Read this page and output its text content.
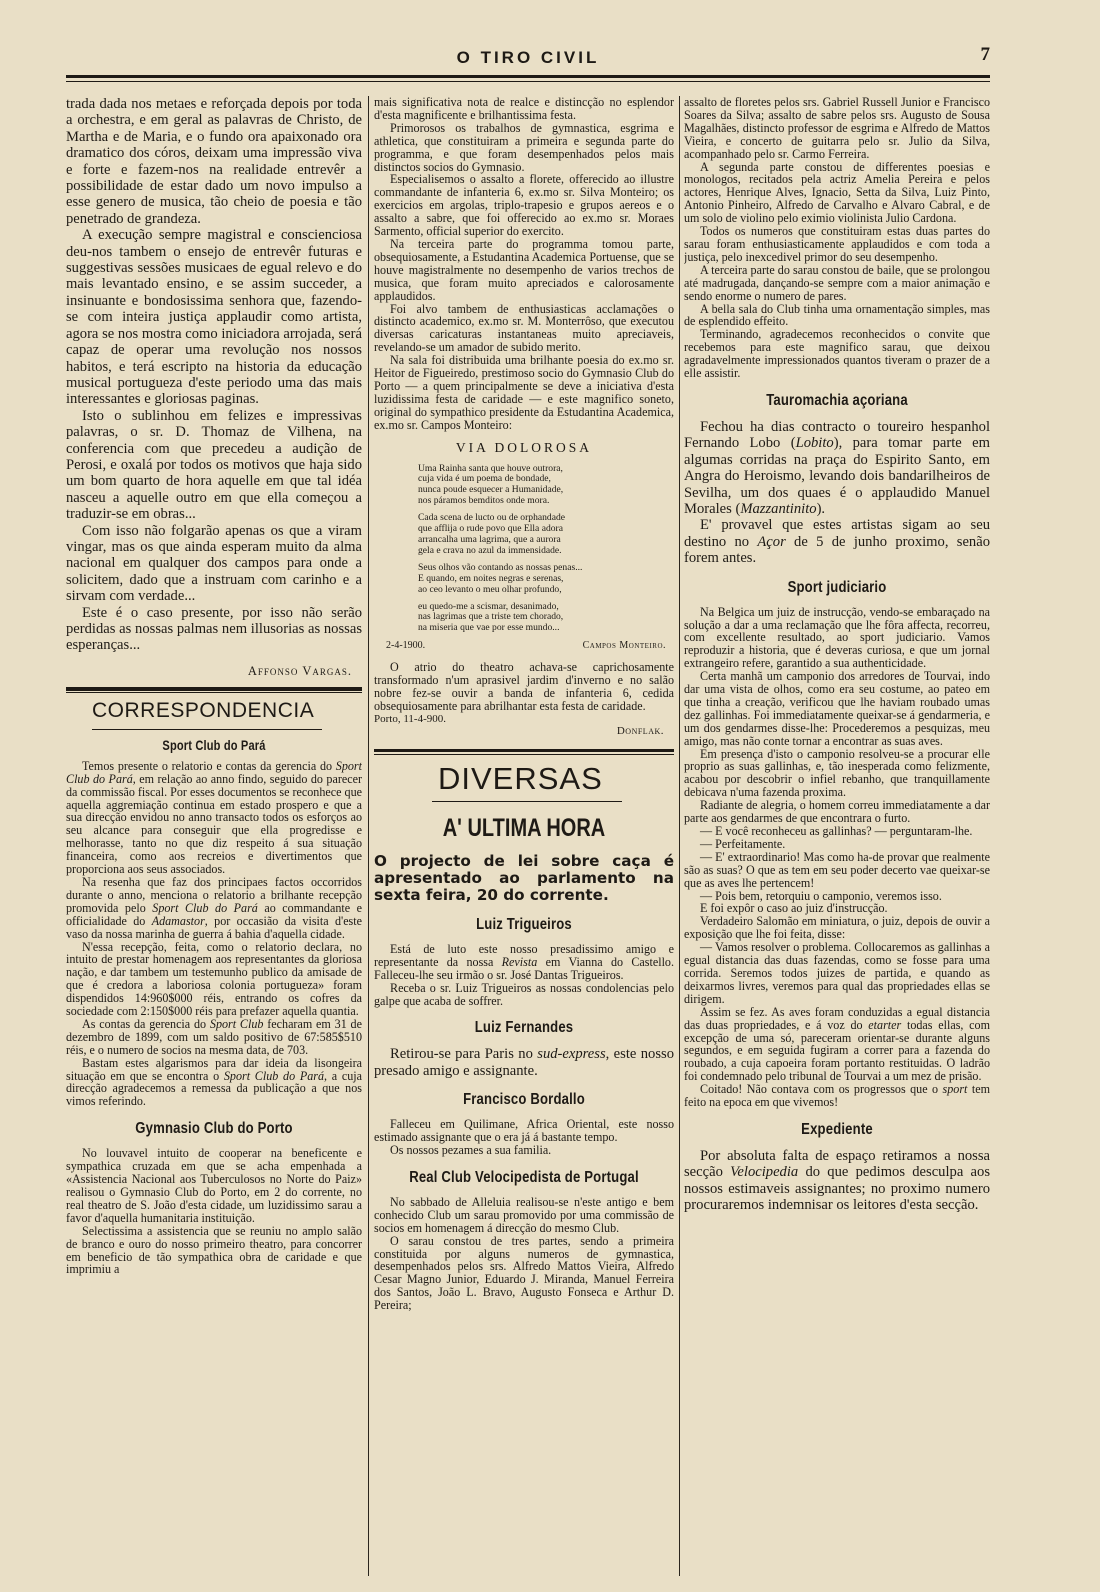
O TIRO CIVIL	7

trada dada nos metaes e reforçada depois por toda a orchestra, e em geral as palavras de Christo, de Martha e de Maria, e o fundo ora apaixonado ora dramatico dos córos, deixam uma impressão viva e forte e fazem-nos na realidade entrevêr a possibilidade de estar dado um novo impulso a esse genero de musica, tão cheio de poesia e tão penetrado de grandeza.

A execução sempre magistral e conscienciosa deu-nos tambem o ensejo de entrevêr futuras e suggestivas sessões musicaes de egual relevo e do mais levantado ensino, e se assim succeder, a insinuante e bondosissima senhora que, fazendo-se com inteira justiça applaudir como artista, agora se nos mostra como iniciadora arrojada, será capaz de operar uma revolução nos nossos habitos, e terá escripto na historia da educação musical portugueza d'este periodo uma das mais interessantes e gloriosas paginas.

Isto o sublinhou em felizes e impressivas palavras, o sr. D. Thomaz de Vilhena, na conferencia com que precedeu a audição de Perosi, e oxalá por todos os motivos que haja sido um bom quarto de hora aquelle em que tal idéa nasceu a aquelle outro em que ella começou a traduzir-se em obras...

Com isso não folgarão apenas os que a viram vingar, mas os que ainda esperam muito da alma nacional em qualquer dos campos para onde a solicitem, dado que a instruam com carinho e a sirvam com verdade...

Este é o caso presente, por isso não serão perdidas as nossas palmas nem illusorias as nossas esperanças...

Affonso Vargas.
CORRESPONDENCIA
Sport Club do Pará

Temos presente o relatorio e contas da gerencia do Sport Club do Pará, em relação ao anno findo, seguido do parecer da commissão fiscal. Por esses documentos se reconhece que aquella aggremiação continua em estado prospero e que a sua direcção envidou no anno transacto todos os esforços ao seu alcance para conseguir que ella progredisse e melhorasse, tanto no que diz respeito á sua situação financeira, como aos recreios e divertimentos que proporciona aos seus associados.

Na resenha que faz dos principaes factos occorridos durante o anno, menciona o relatorio a brilhante recepção promovida pelo Sport Club do Pará ao commandante e officialidade do Adamastor, por occasião da visita d'este vaso da nossa marinha de guerra á bahia d'aquella cidade.

N'essa recepção, feita, como o relatorio declara, no intuito de prestar homenagem aos representantes da gloriosa nação, e dar tambem um testemunho publico da amisade de que é credora a laboriosa colonia portugueza» foram dispendidos 14:960$000 réis, entrando os cofres da sociedade com 2:150$000 réis para prefazer aquella quantia.

As contas da gerencia do Sport Club fecharam em 31 de dezembro de 1899, com um saldo positivo de 67:585$510 réis, e o numero de socios na mesma data, de 703.

Bastam estes algarismos para dar ideia da lisongeira situação em que se encontra o Sport Club do Pará, a cuja direcção agradecemos a remessa da publicação a que nos vimos referindo.

Gymnasio Club do Porto

No louvavel intuito de cooperar na beneficente e sympathica cruzada em que se acha empenhada a «Assistencia Nacional aos Tuberculosos no Norte do Paiz» realisou o Gymnasio Club do Porto, em 2 do corrente, no real theatro de S. João d'esta cidade, um luzidissimo sarau a favor d'aquella humanitaria instituição.

Selectissima a assistencia que se reuniu no amplo salão de branco e ouro do nosso primeiro theatro, para concorrer em beneficio de tão sympathica obra de caridade e que imprimiu a

mais significativa nota de realce e distincção no esplendor d'esta magnificente e brilhantissima festa.

Primorosos os trabalhos de gymnastica, esgrima e athletica, que constituiram a primeira e segunda parte do programma, e que foram desempenhados pelos mais distinctos socios do Gymnasio.

Especialisemos o assalto a florete, offerecido ao illustre commandante de infanteria 6, ex.mo sr. Silva Monteiro; os exercicios em argolas, triplo-trapesio e grupos aereos e o assalto a sabre, que foi offerecido ao ex.mo sr. Moraes Sarmento, official superior do exercito.

Na terceira parte do programma tomou parte, obsequiosamente, a Estudantina Academica Portuense, que se houve magistralmente no desempenho de varios trechos de musica, que foram muito apreciados e calorosamente applaudidos.

Foi alvo tambem de enthusiasticas acclamações o distincto academico, ex.mo sr. M. Monterrôso, que executou diversas caricaturas instantaneas muito apreciaveis, revelando-se um amador de subido merito.

Na sala foi distribuida uma brilhante poesia do ex.mo sr. Heitor de Figueiredo, prestimoso socio do Gymnasio Club do Porto — a quem principalmente se deve a iniciativa d'esta luzidissima festa de caridade — e este magnifico soneto, original do sympathico presidente da Estudantina Academica, ex.mo sr. Campos Monteiro:

VIA DOLOROSA
Uma Rainha santa que houve outrora,
cuja vida é um poema de bondade,
nunca poude esquecer a Humanidade,
nos páramos bemditos onde mora.
Cada scena de lucto ou de orphandade
que afflija o rude povo que Ella adora
arrancalha uma lagrima, que a aurora
gela e crava no azul da immensidade.
Seus olhos vão contando as nossas penas...
E quando, em noites negras e serenas,
ao ceo levanto o meu olhar profundo,
eu quedo-me a scismar, desanimado,
nas lagrimas que a triste tem chorado,
na miseria que vae por esse mundo...
2-4-1900.	Campos Monteiro.

O atrio do theatro achava-se caprichosamente transformado n'um aprasivel jardim d'inverno e no salão nobre fez-se ouvir a banda de infanteria 6, cedida obsequiosamente para abrilhantar esta festa de caridade.

Porto, 11-4-900.

Donflak.
DIVERSAS
A' ULTIMA HORA

O projecto de lei sobre caça é apresentado ao parlamento na sexta feira, 20 do corrente.

Luiz Trigueiros

Está de luto este nosso presadissimo amigo e representante da nossa Revista em Vianna do Castello. Falleceu-lhe seu irmão o sr. José Dantas Trigueiros.

Receba o sr. Luiz Trigueiros as nossas condolencias pelo galpe que acaba de soffrer.

Luiz Fernandes

Retirou-se para Paris no sud-express, este nosso presado amigo e assignante.

Francisco Bordallo

Falleceu em Quilimane, Africa Oriental, este nosso estimado assignante que o era já á bastante tempo.

Os nossos pezames a sua familia.

Real Club Velocipedista de Portugal

No sabbado de Alleluia realisou-se n'este antigo e bem conhecido Club um sarau promovido por uma commissão de socios em homenagem á direcção do mesmo Club.

O sarau constou de tres partes, sendo a primeira constituida por alguns numeros de gymnastica, desempenhados pelos srs. Alfredo Mattos Vieira, Alfredo Cesar Magno Junior, Eduardo J. Miranda, Manuel Ferreira dos Santos, João L. Bravo, Augusto Fonseca e Arthur D. Pereira;

assalto de floretes pelos srs. Gabriel Russell Junior e Francisco Soares da Silva; assalto de sabre pelos srs. Augusto de Sousa Magalhães, distincto professor de esgrima e Alfredo de Mattos Vieira, e concerto de guitarra pelo sr. Julio da Silva, acompanhado pelo sr. Carmo Ferreira.

A segunda parte constou de differentes poesias e monologos, recitados pela actriz Amelia Pereira e pelos actores, Henrique Alves, Ignacio, Setta da Silva, Luiz Pinto, Antonio Pinheiro, Alfredo de Carvalho e Alvaro Cabral, e de um solo de violino pelo eximio violinista Julio Cardona.

Todos os numeros que constituiram estas duas partes do sarau foram enthusiasticamente applaudidos e com toda a justiça, pelo inexcedivel primor do seu desempenho.

A terceira parte do sarau constou de baile, que se prolongou até madrugada, dançando-se sempre com a maior animação e sendo enorme o numero de pares.

A bella sala do Club tinha uma ornamentação simples, mas de esplendido effeito.

Terminando, agradecemos reconhecidos o convite que recebemos para este magnifico sarau, que deixou agradavelmente impressionados quantos tiveram o prazer de a elle assistir.

Tauromachia açoriana

Fechou ha dias contracto o toureiro hespanhol Fernando Lobo (Lobito), para tomar parte em algumas corridas na praça do Espirito Santo, em Angra do Heroismo, levando dois bandarilheiros de Sevilha, um dos quaes é o applaudido Manuel Morales (Mazzantinito).

E' provavel que estes artistas sigam ao seu destino no Açor de 5 de junho proximo, senão forem antes.

Sport judiciario

Na Belgica um juiz de instrucção, vendo-se embaraçado na solução a dar a uma reclamação que lhe fôra affecta, recorreu, com excellente resultado, ao sport judiciario. Vamos reproduzir a historia, que é deveras curiosa, e que um jornal extrangeiro refere, garantido a sua authenticidade.

Certa manhã um camponio dos arredores de Tourvai, indo dar uma vista de olhos, como era seu costume, ao pateo em que tinha a creação, verificou que lhe haviam roubado umas dez gallinhas. Foi immediatamente queixar-se á gendarmeria, e um dos gendarmes disse-lhe: Procederemos a pesquizas, meu amigo, mas não conte tornar a encontrar as suas aves.

Em presença d'isto o camponio resolveu-se a procurar elle proprio as suas gallinhas, e, tão inesperada como felizmente, acabou por descobrir o infiel rebanho, que tranquillamente debicava n'uma fazenda proxima.

Radiante de alegria, o homem correu immediatamente a dar parte aos gendarmes de que encontrara o furto.

— E você reconheceu as gallinhas? — perguntaram-lhe.

— Perfeitamente.

— E' extraordinario! Mas como ha-de provar que realmente são as suas? O que as tem em seu poder decerto vae queixar-se que as aves lhe pertencem!

— Pois bem, retorquiu o camponio, veremos isso.

E foi expôr o caso ao juiz d'instrucção.

Verdadeiro Salomão em miniatura, o juiz, depois de ouvir a exposição que lhe foi feita, disse:

— Vamos resolver o problema. Collocaremos as gallinhas a egual distancia das duas fazendas, como se fosse para uma corrida. Seremos todos juizes de partida, e quando as deixarmos livres, veremos para qual das propriedades ellas se dirigem.

Assim se fez. As aves foram conduzidas a egual distancia das duas propriedades, e á voz do etarter todas ellas, com excepção de uma só, pareceram orientar-se durante alguns segundos, e em seguida fugiram a correr para a fazenda do roubado, a cuja capoeira foram portanto restituidas. O ladrão foi condemnado pelo tribunal de Tourvai a um mez de prisão.

Coitado! Não contava com os progressos que o sport tem feito na epoca em que vivemos!

Expediente

Por absoluta falta de espaço retiramos a nossa secção Velocipedia do que pedimos desculpa aos nossos estimaveis assignantes; no proximo numero procuraremos indemnisar os leitores d'esta secção.
